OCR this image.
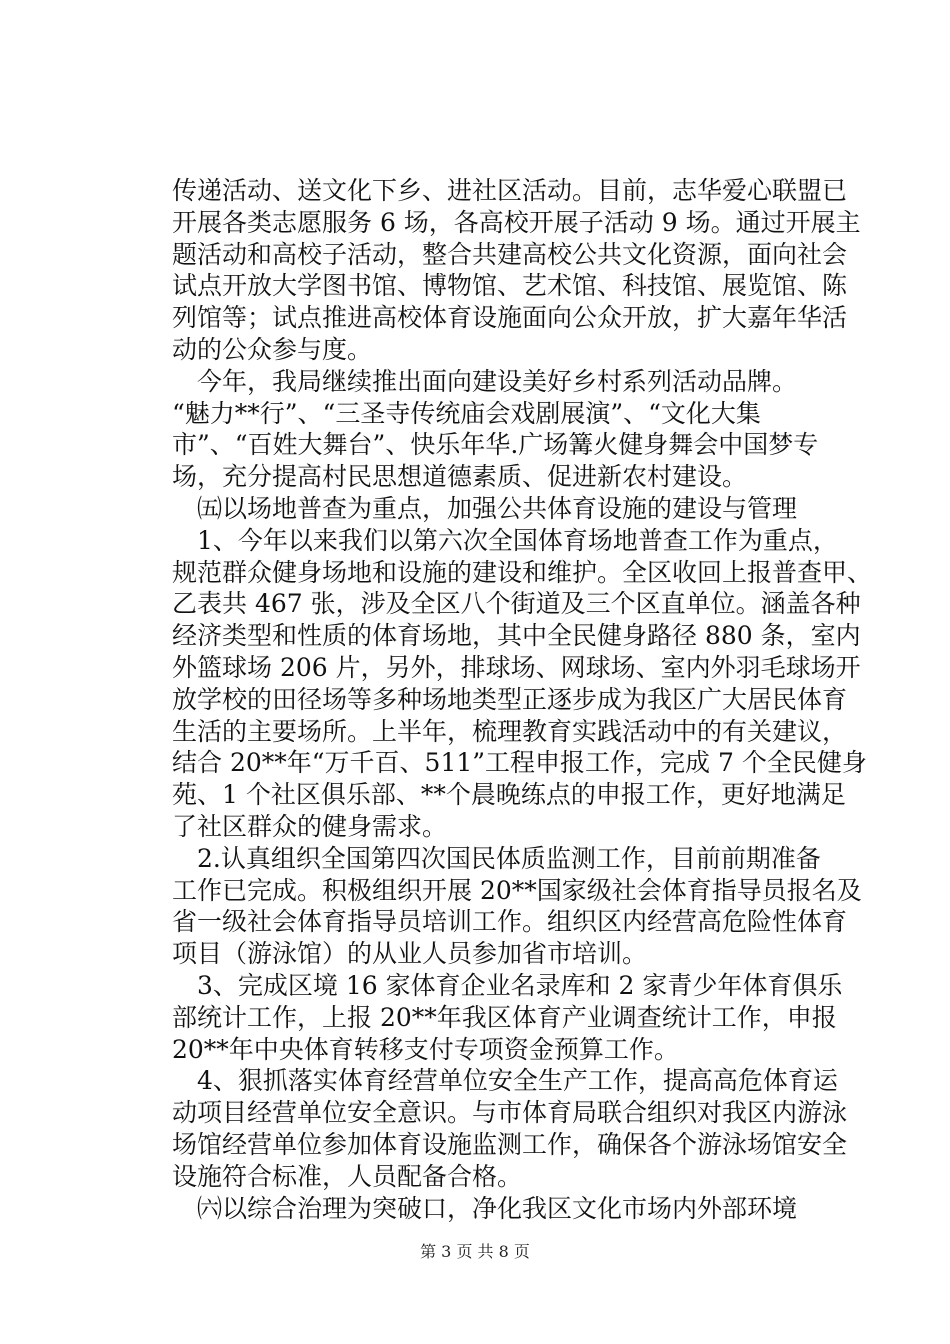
传递活动、送文化下乡、进社区活动。目前，志华爱心联盟已
开展各类志愿服务 6 场，各高校开展子活动 9 场。通过开展主
题活动和高校子活动，整合共建高校公共文化资源，面向社会
试点开放大学图书馆、博物馆、艺术馆、科技馆、展览馆、陈
列馆等；试点推进高校体育设施面向公众开放，扩大嘉年华活
动的公众参与度。
　今年，我局继续推出面向建设美好乡村系列活动品牌。
“魅力**行”、“三圣寺传统庙会戏剧展演”、“文化大集
市”、“百姓大舞台”、快乐年华.广场篝火健身舞会中国梦专
场，充分提高村民思想道德素质、促进新农村建设。
　㈤以场地普查为重点，加强公共体育设施的建设与管理
　1、今年以来我们以第六次全国体育场地普查工作为重点，
规范群众健身场地和设施的建设和维护。全区收回上报普查甲、
乙表共 467 张，涉及全区八个街道及三个区直单位。涵盖各种
经济类型和性质的体育场地，其中全民健身路径 880 条，室内
外篮球场 206 片，另外，排球场、网球场、室内外羽毛球场开
放学校的田径场等多种场地类型正逐步成为我区广大居民体育
生活的主要场所。上半年，梳理教育实践活动中的有关建议，
结合 20**年“万千百、511”工程申报工作，完成 7 个全民健身
苑、1 个社区俱乐部、**个晨晚练点的申报工作，更好地满足
了社区群众的健身需求。
　2.认真组织全国第四次国民体质监测工作，目前前期准备
工作已完成。积极组织开展 20**国家级社会体育指导员报名及
省一级社会体育指导员培训工作。组织区内经营高危险性体育
项目（游泳馆）的从业人员参加省市培训。
　3、完成区境 16 家体育企业名录库和 2 家青少年体育俱乐
部统计工作，上报 20**年我区体育产业调查统计工作，申报
20**年中央体育转移支付专项资金预算工作。
　4、狠抓落实体育经营单位安全生产工作，提高高危体育运
动项目经营单位安全意识。与市体育局联合组织对我区内游泳
场馆经营单位参加体育设施监测工作，确保各个游泳场馆安全
设施符合标准，人员配备合格。
　㈥以综合治理为突破口，净化我区文化市场内外部环境
第 3 页 共 8 页
